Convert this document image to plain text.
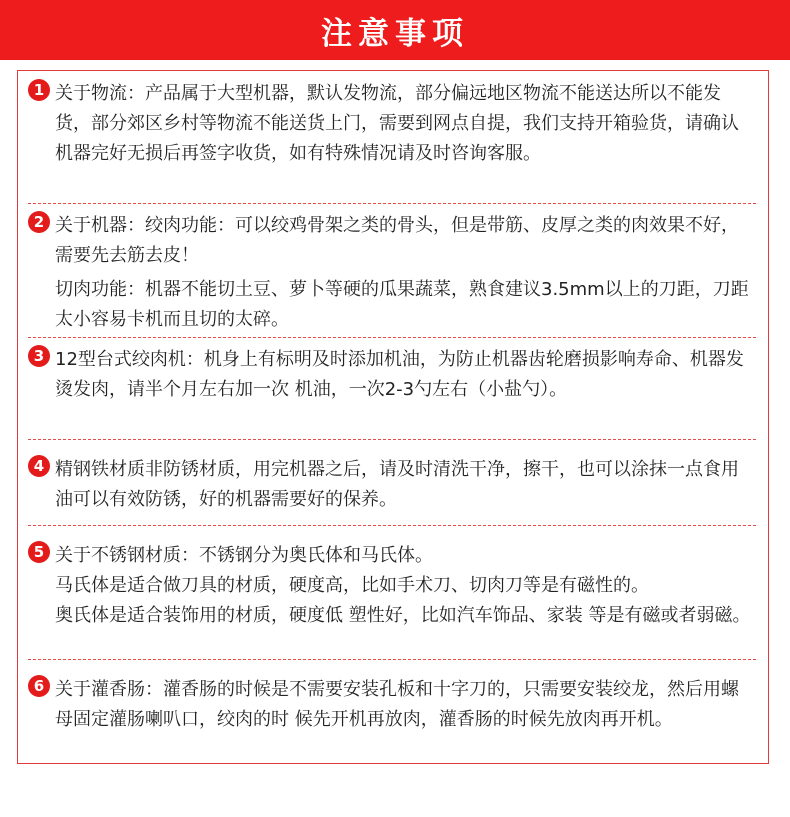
注意事项
1 关于物流：产品属于大型机器，默认发物流，部分偏远地区物流不能送达所以不能发货，部分郊区乡村等物流不能送货上门，需要到网点自提，我们支持开箱验货，请确认机器完好无损后再签字收货，如有特殊情况请及时咨询客服。

2 关于机器：绞肉功能：可以绞鸡骨架之类的骨头，但是带筋、皮厚之类的肉效果不好，需要先去筋去皮！

切肉功能：机器不能切土豆、萝卜等硬的瓜果蔬菜，熟食建议3.5mm以上的刀距，刀距太小容易卡机而且切的太碎。

3 12型台式绞肉机：机身上有标明及时添加机油，为防止机器齿轮磨损影响寿命、机器发烫发肉，请半个月左右加一次 机油，一次2-3勺左右（小盐勺）。

4 精钢铁材质非防锈材质，用完机器之后，请及时清洗干净，擦干，也可以涂抹一点食用油可以有效防锈，好的机器需要好的保养。

5 关于不锈钢材质：不锈钢分为奥氏体和马氏体。

马氏体是适合做刀具的材质，硬度高，比如手术刀、切肉刀等是有磁性的。

奥氏体是适合装饰用的材质，硬度低 塑性好，比如汽车饰品、家装 等是有磁或者弱磁。

6 关于灌香肠：灌香肠的时候是不需要安装孔板和十字刀的，只需要安装绞龙，然后用螺母固定灌肠喇叭口，绞肉的时 候先开机再放肉，灌香肠的时候先放肉再开机。
